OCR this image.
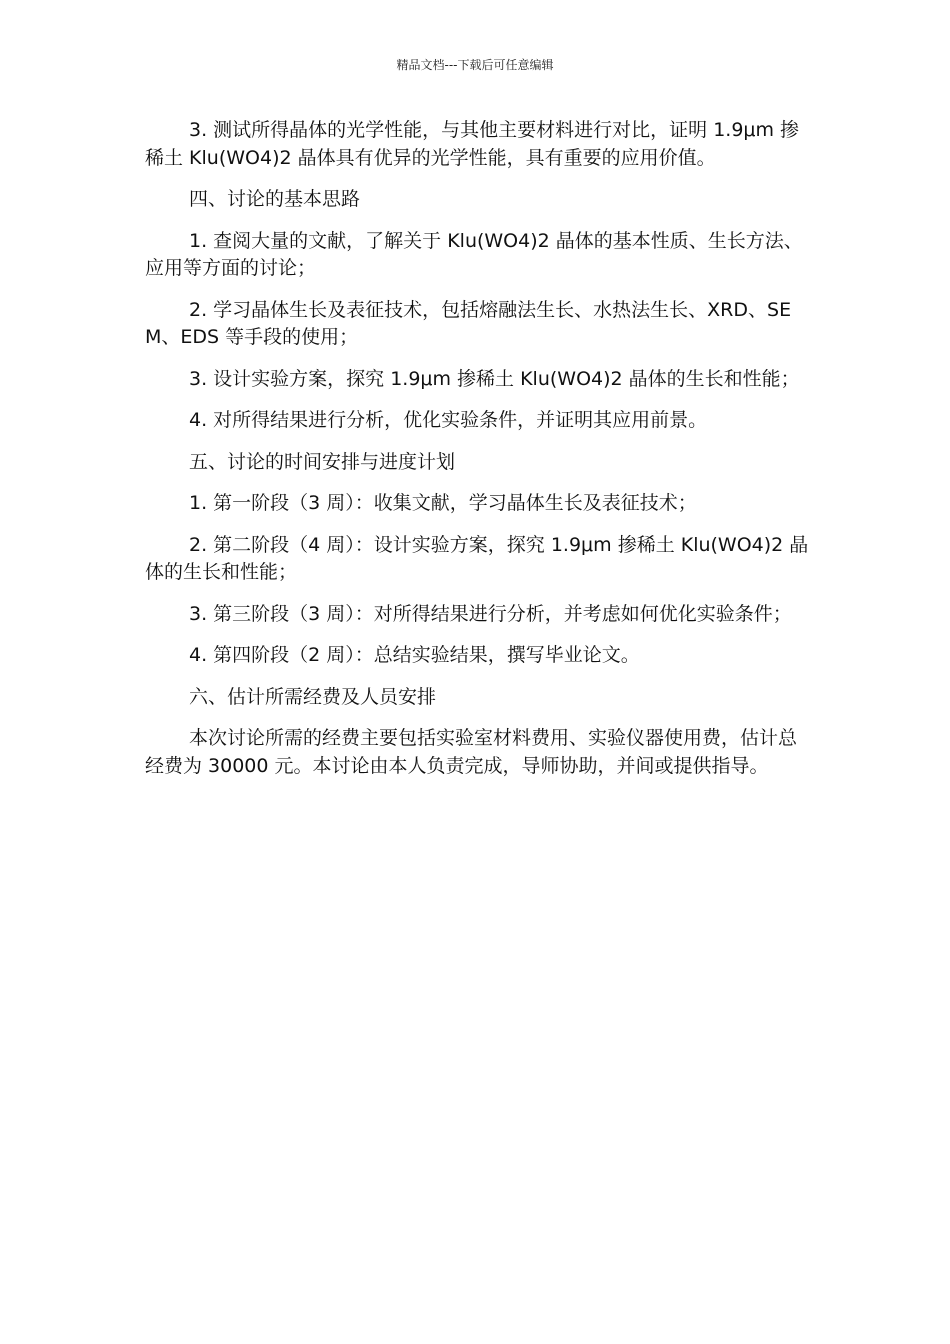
精品文档---下载后可任意编辑

3. 测试所得晶体的光学性能，与其他主要材料进行对比，证明 1.9μm 掺稀土 Klu(WO4)2 晶体具有优异的光学性能，具有重要的应用价值。

四、讨论的基本思路

1. 查阅大量的文献，了解关于 Klu(WO4)2 晶体的基本性质、生长方法、应用等方面的讨论；

2. 学习晶体生长及表征技术，包括熔融法生长、水热法生长、XRD、SEM、EDS 等手段的使用；

3. 设计实验方案，探究 1.9μm 掺稀土 Klu(WO4)2 晶体的生长和性能；

4. 对所得结果进行分析，优化实验条件，并证明其应用前景。

五、讨论的时间安排与进度计划

1. 第一阶段（3 周）：收集文献，学习晶体生长及表征技术；

2. 第二阶段（4 周）：设计实验方案，探究 1.9μm 掺稀土 Klu(WO4)2 晶体的生长和性能；

3. 第三阶段（3 周）：对所得结果进行分析，并考虑如何优化实验条件；

4. 第四阶段（2 周）：总结实验结果，撰写毕业论文。

六、估计所需经费及人员安排

本次讨论所需的经费主要包括实验室材料费用、实验仪器使用费，估计总经费为 30000 元。本讨论由本人负责完成，导师协助，并间或提供指导。
